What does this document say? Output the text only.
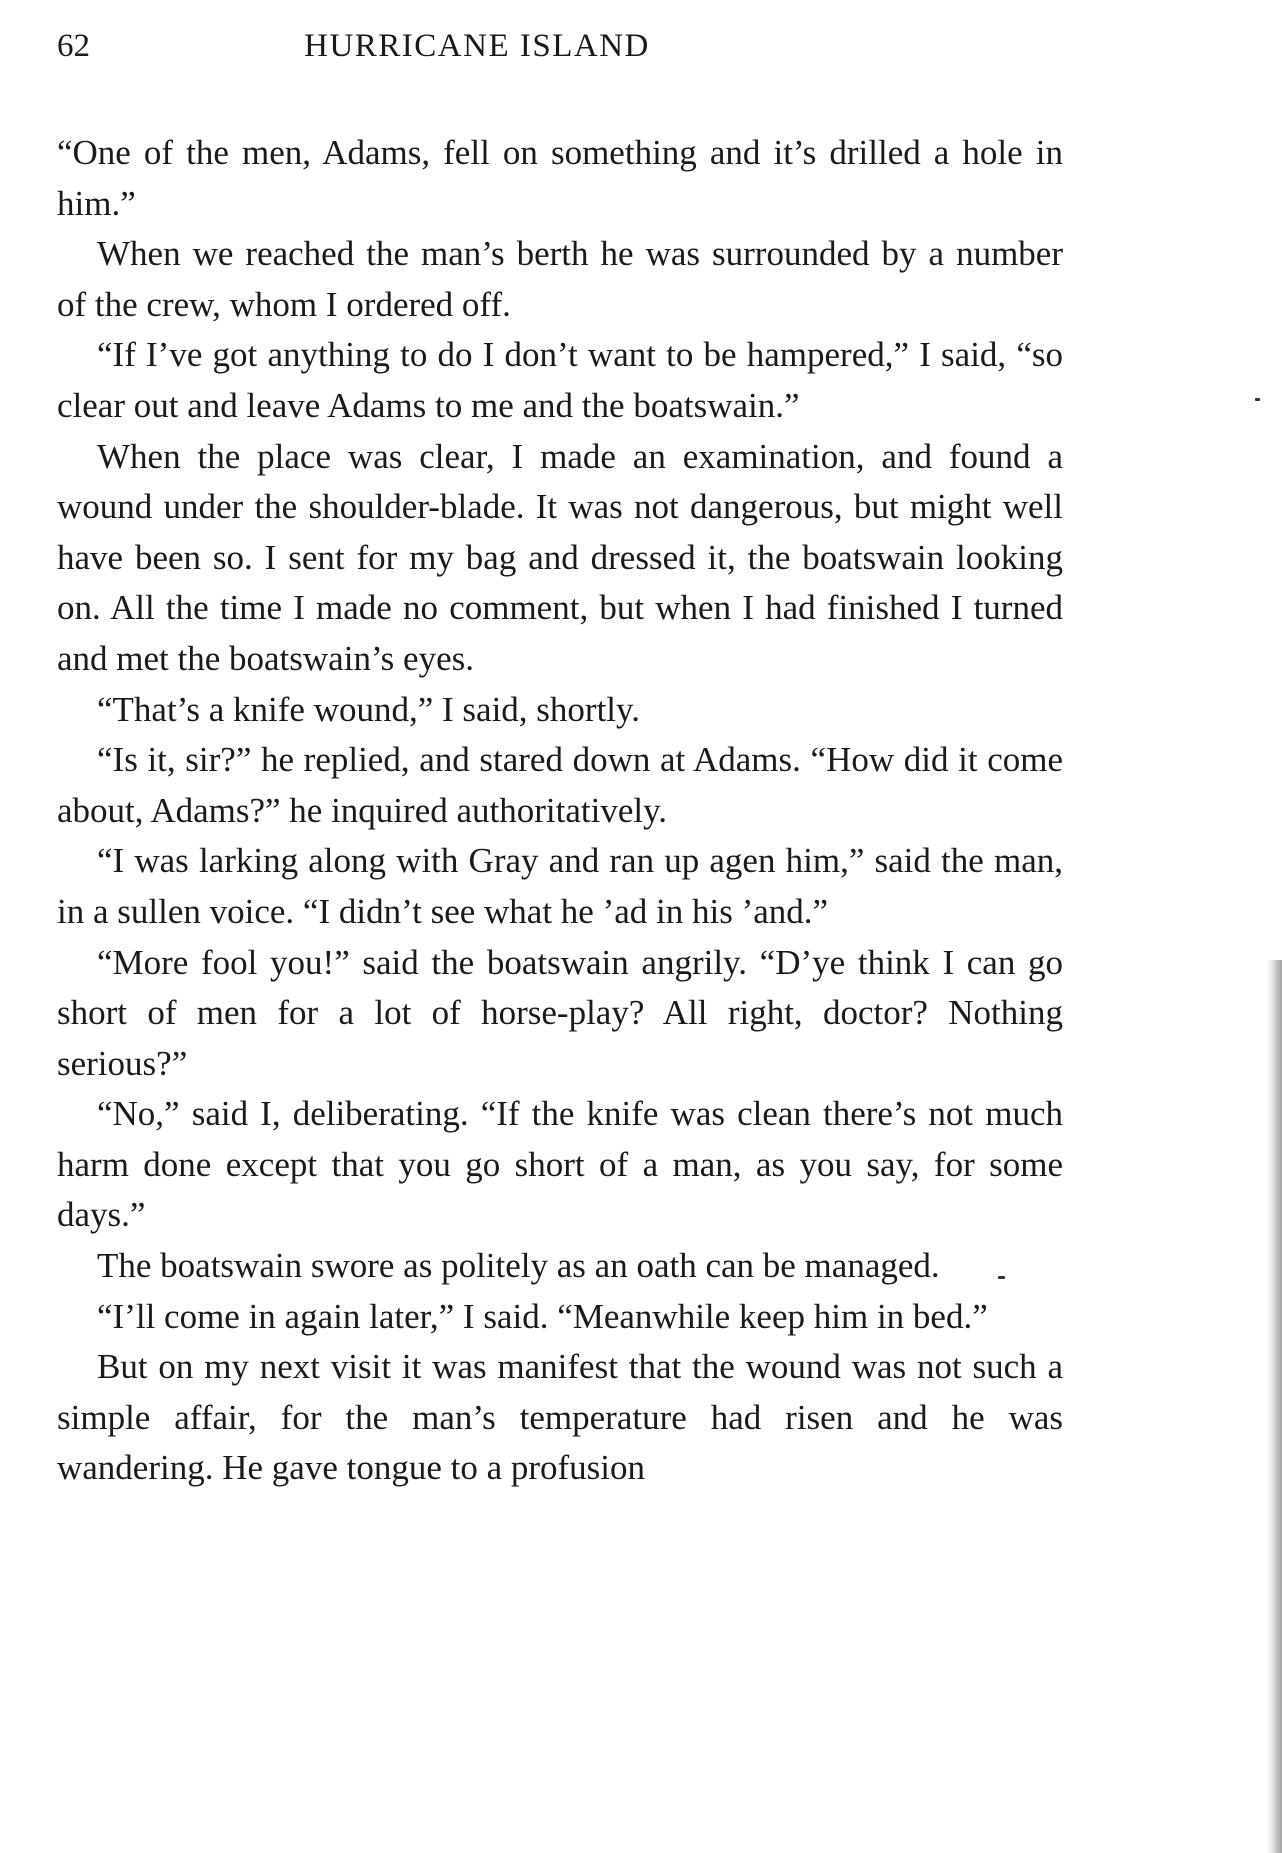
62	HURRICANE ISLAND

“One of the men, Adams, fell on something and it’s drilled a hole in him.”

When we reached the man’s berth he was surrounded by a number of the crew, whom I ordered off.

“If I’ve got anything to do I don’t want to be hampered,” I said, “so clear out and leave Adams to me and the boatswain.”

When the place was clear, I made an examination, and found a wound under the shoulder-blade. It was not dangerous, but might well have been so. I sent for my bag and dressed it, the boatswain looking on. All the time I made no comment, but when I had finished I turned and met the boatswain’s eyes.

“That’s a knife wound,” I said, shortly.

“Is it, sir?” he replied, and stared down at Adams. “How did it come about, Adams?” he inquired authoritatively.

“I was larking along with Gray and ran up agen him,” said the man, in a sullen voice. “I didn’t see what he ’ad in his ’and.”

“More fool you!” said the boatswain angrily. “D’ye think I can go short of men for a lot of horse-play? All right, doctor? Nothing serious?”

“No,” said I, deliberating. “If the knife was clean there’s not much harm done except that you go short of a man, as you say, for some days.”

The boatswain swore as politely as an oath can be managed.

“I’ll come in again later,” I said. “Meanwhile keep him in bed.”

But on my next visit it was manifest that the wound was not such a simple affair, for the man’s temperature had risen and he was wandering. He gave tongue to a profusion
